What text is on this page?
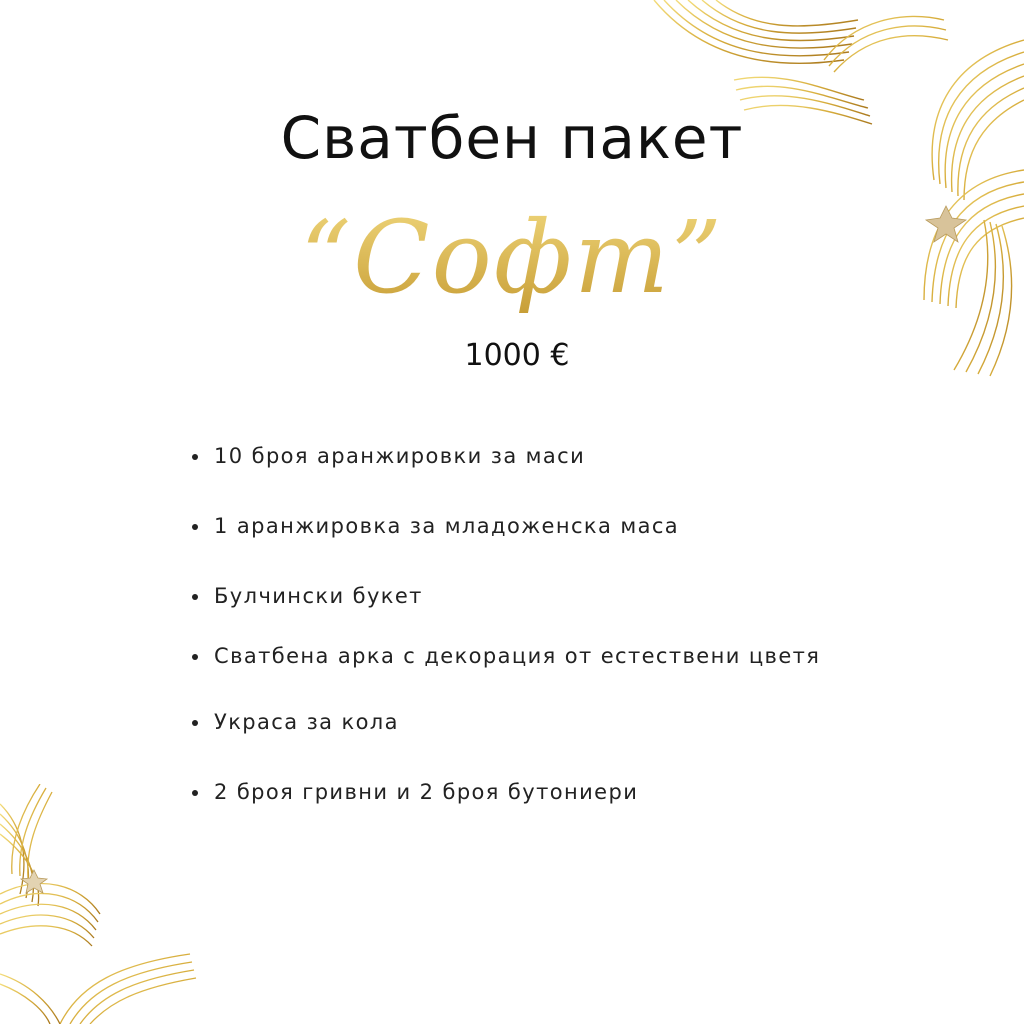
Сватбен пакет
“Софт”
1000 €
10 броя аранжировки за маси
1 аранжировка за младоженска маса
Булчински букет
Сватбена арка с декорация от естествени цветя
Украса за кола
2 броя гривни и 2 броя бутониери
